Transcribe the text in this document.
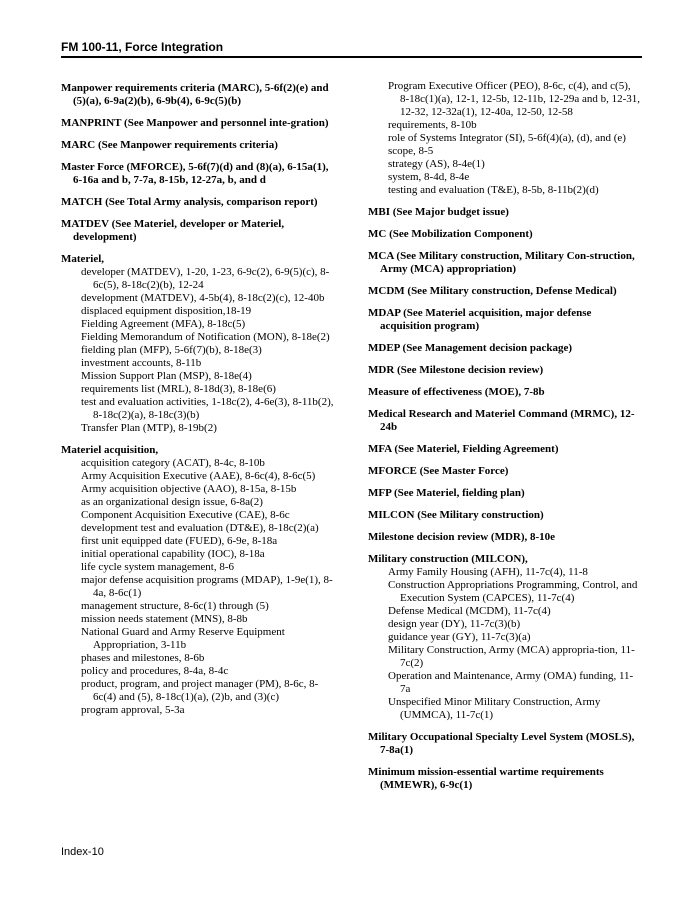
FM 100-11, Force Integration
Manpower requirements criteria (MARC), 5-6f(2)(e) and (5)(a), 6-9a(2)(b), 6-9b(4), 6-9c(5)(b)
MANPRINT (See Manpower and personnel inte-gration)
MARC (See Manpower requirements criteria)
Master Force (MFORCE), 5-6f(7)(d) and (8)(a), 6-15a(1), 6-16a and b, 7-7a, 8-15b, 12-27a, b, and d
MATCH (See Total Army analysis, comparison report)
MATDEV (See Materiel, developer or Materiel, development)
Materiel,
developer (MATDEV), 1-20, 1-23, 6-9c(2), 6-9(5)(c), 8-6c(5), 8-18c(2)(b), 12-24
development (MATDEV), 4-5b(4), 8-18c(2)(c), 12-40b
displaced equipment disposition,18-19
Fielding Agreement (MFA), 8-18c(5)
Fielding Memorandum of Notification (MON), 8-18e(2)
fielding plan (MFP), 5-6f(7)(b), 8-18e(3)
investment accounts, 8-11b
Mission Support Plan (MSP), 8-18e(4)
requirements list (MRL), 8-18d(3), 8-18e(6)
test and evaluation activities, 1-18c(2), 4-6e(3), 8-11b(2), 8-18c(2)(a), 8-18c(3)(b)
Transfer Plan (MTP), 8-19b(2)
Materiel acquisition,
acquisition category (ACAT), 8-4c, 8-10b
Army Acquisition Executive (AAE), 8-6c(4), 8-6c(5)
Army acquisition objective (AAO), 8-15a, 8-15b
as an organizational design issue, 6-8a(2)
Component Acquisition Executive (CAE), 8-6c
development test and evaluation (DT&E), 8-18c(2)(a)
first unit equipped date (FUED), 6-9e, 8-18a
initial operational capability (IOC), 8-18a
life cycle system management, 8-6
major defense acquisition programs (MDAP), 1-9e(1), 8-4a, 8-6c(1)
management structure, 8-6c(1) through (5)
mission needs statement (MNS), 8-8b
National Guard and Army Reserve Equipment Appropriation, 3-11b
phases and milestones, 8-6b
policy and procedures, 8-4a, 8-4c
product, program, and project manager (PM), 8-6c, 8-6c(4) and (5), 8-18c(1)(a), (2)b, and (3)(c)
program approval, 5-3a
Program Executive Officer (PEO), 8-6c, c(4), and c(5), 8-18c(1)(a), 12-1, 12-5b, 12-11b, 12-29a and b, 12-31, 12-32, 12-32a(1), 12-40a, 12-50, 12-58
requirements, 8-10b
role of Systems Integrator (SI), 5-6f(4)(a), (d), and (e)
scope, 8-5
strategy (AS), 8-4e(1)
system, 8-4d, 8-4e
testing and evaluation (T&E), 8-5b, 8-11b(2)(d)
MBI (See Major budget issue)
MC (See Mobilization Component)
MCA (See Military construction, Military Con-struction, Army (MCA) appropriation)
MCDM (See Military construction, Defense Medical)
MDAP (See Materiel acquisition, major defense acquisition program)
MDEP (See Management decision package)
MDR (See Milestone decision review)
Measure of effectiveness (MOE), 7-8b
Medical Research and Materiel Command (MRMC), 12-24b
MFA (See Materiel, Fielding Agreement)
MFORCE (See Master Force)
MFP (See Materiel, fielding plan)
MILCON (See Military construction)
Milestone decision review (MDR), 8-10e
Military construction (MILCON),
Army Family Housing (AFH), 11-7c(4), 11-8
Construction Appropriations Programming, Control, and Execution System (CAPCES), 11-7c(4)
Defense Medical (MCDM), 11-7c(4)
design year (DY), 11-7c(3)(b)
guidance year (GY), 11-7c(3)(a)
Military Construction, Army (MCA) appropria-tion, 11-7c(2)
Operation and Maintenance, Army (OMA) funding, 11-7a
Unspecified Minor Military Construction, Army (UMMCA), 11-7c(1)
Military Occupational Specialty Level System (MOSLS), 7-8a(1)
Minimum mission-essential wartime requirements (MMEWR), 6-9c(1)
Index-10
